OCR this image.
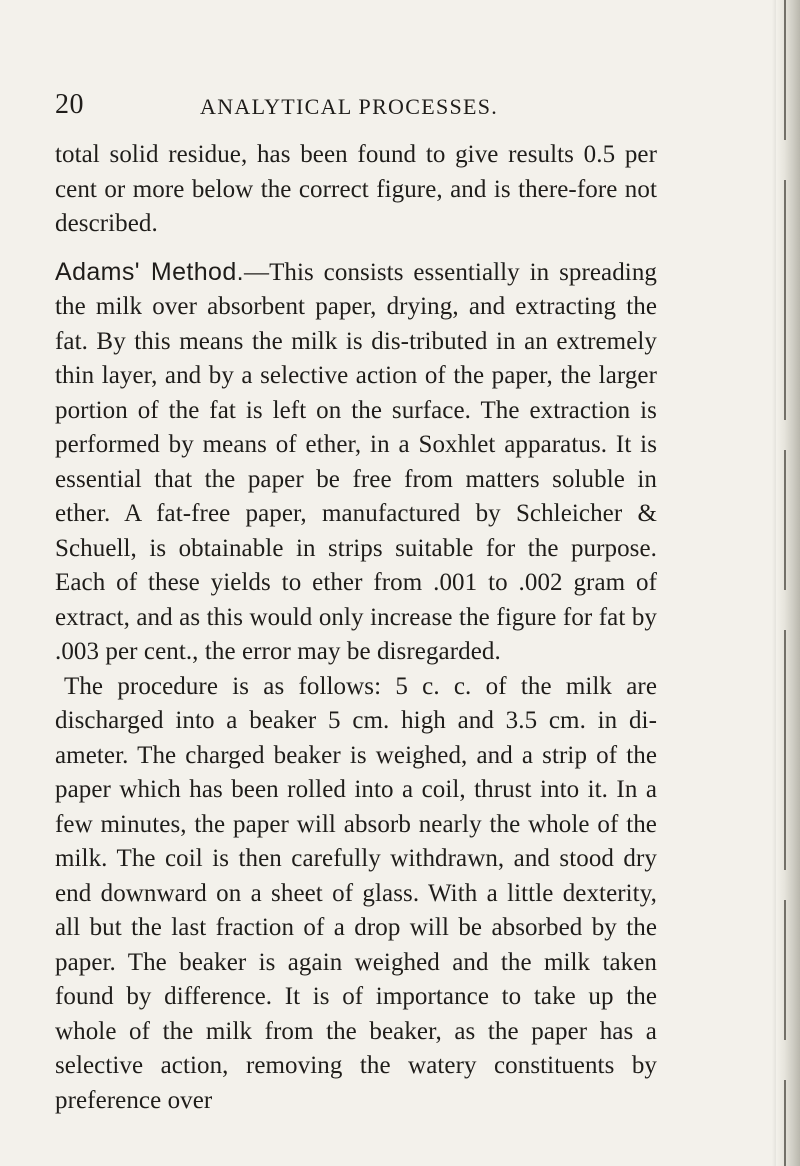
20	ANALYTICAL PROCESSES.

total solid residue, has been found to give results 0.5 per cent or more below the correct figure, and is there-fore not described.

Adams' Method.—This consists essentially in spreading the milk over absorbent paper, drying, and extracting the fat. By this means the milk is dis-tributed in an extremely thin layer, and by a selective action of the paper, the larger portion of the fat is left on the surface. The extraction is performed by means of ether, in a Soxhlet apparatus. It is essential that the paper be free from matters soluble in ether. A fat-free paper, manufactured by Schleicher & Schuell, is obtainable in strips suitable for the purpose. Each of these yields to ether from .001 to .002 gram of extract, and as this would only increase the figure for fat by .003 per cent., the error may be disregarded.

The procedure is as follows: 5 c. c. of the milk are discharged into a beaker 5 cm. high and 3.5 cm. in di-ameter. The charged beaker is weighed, and a strip of the paper which has been rolled into a coil, thrust into it. In a few minutes, the paper will absorb nearly the whole of the milk. The coil is then carefully withdrawn, and stood dry end downward on a sheet of glass. With a little dexterity, all but the last fraction of a drop will be absorbed by the paper. The beaker is again weighed and the milk taken found by difference. It is of importance to take up the whole of the milk from the beaker, as the paper has a selective action, removing the watery constituents by preference over
